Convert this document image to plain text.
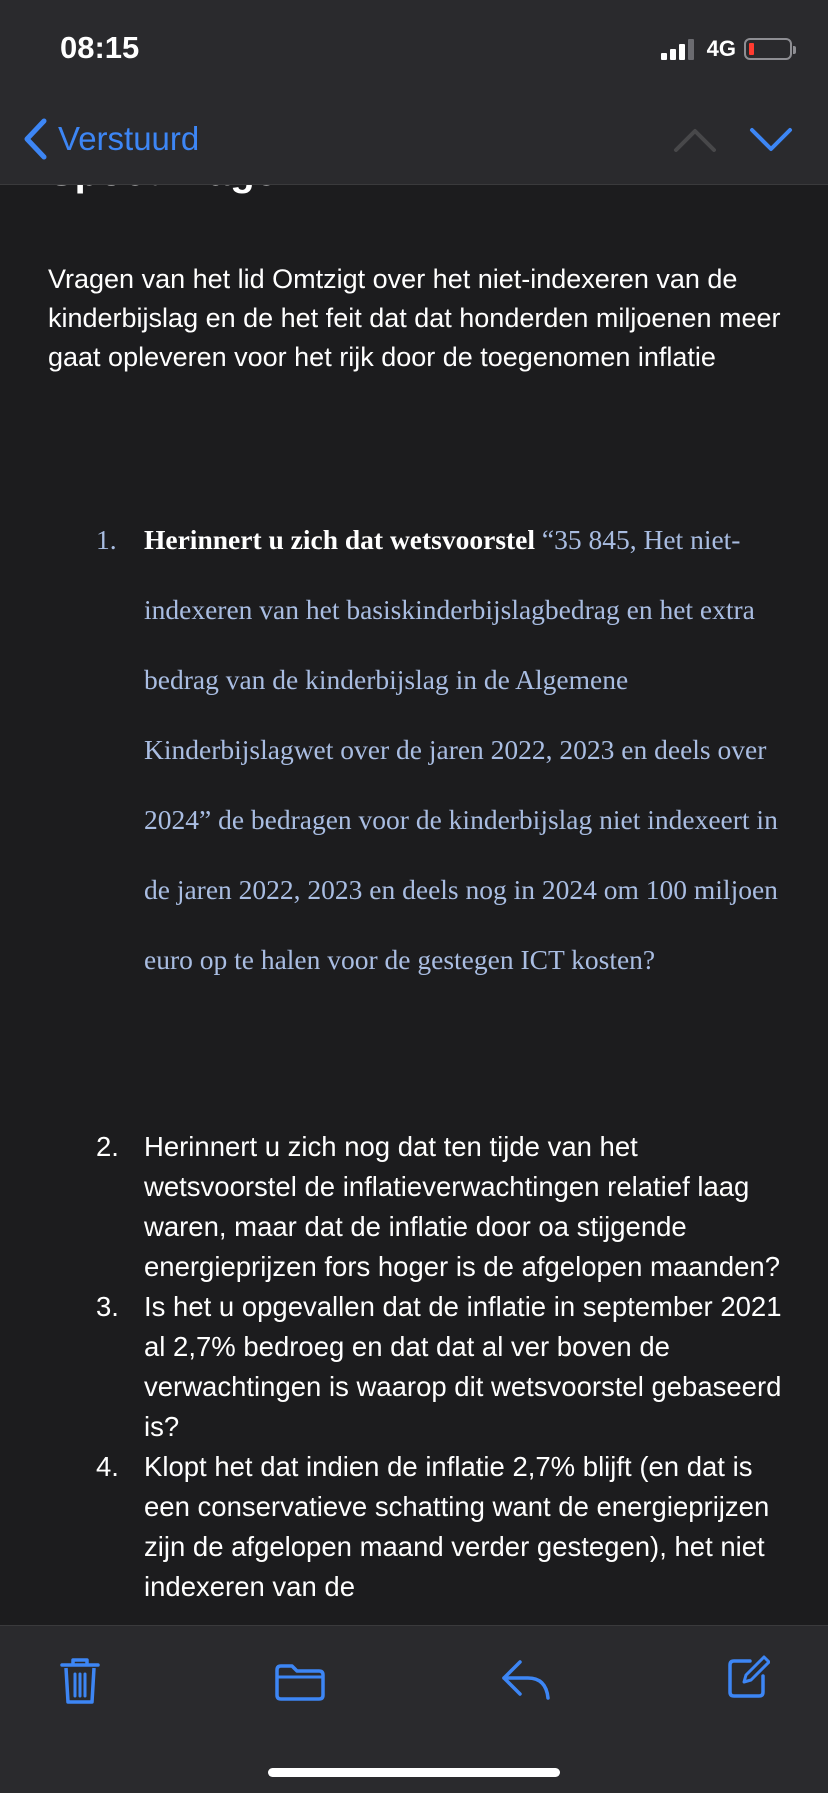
08:15	4G
Verstuurd
Vragen van het lid Omtzigt over het niet-indexeren van de kinderbijslag en de het feit dat dat honderden miljoenen meer gaat opleveren voor het rijk door de toegenomen inflatie
1. Herinnert u zich dat wetsvoorstel “35 845, Het niet-indexeren van het basiskinderbijslagbedrag en het extra bedrag van de kinderbijslag in de Algemene Kinderbijslagwet over de jaren 2022, 2023 en deels over 2024” de bedragen voor de kinderbijslag niet indexeert in de jaren 2022, 2023 en deels nog in 2024 om 100 miljoen euro op te halen voor de gestegen ICT kosten?
2. Herinnert u zich nog dat ten tijde van het wetsvoorstel de inflatieverwachtingen relatief laag waren, maar dat de inflatie door oa stijgende energieprijzen fors hoger is de afgelopen maanden?
3. Is het u opgevallen dat de inflatie in september 2021 al 2,7% bedroeg en dat dat al ver boven de verwachtingen is waarop dit wetsvoorstel gebaseerd is?
4. Klopt het dat indien de inflatie 2,7% blijft (en dat is een conservatieve schatting want de energieprijzen zijn de afgelopen maand verder gestegen), het niet indexeren van de
